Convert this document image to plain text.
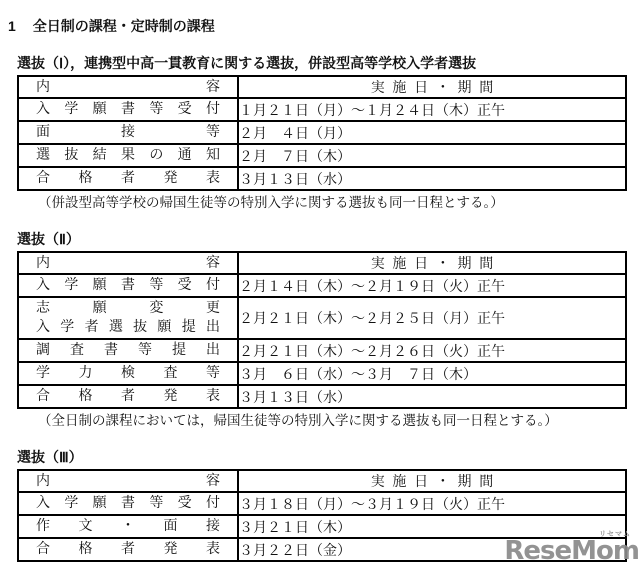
1 全日制の課程・定時制の課程
選抜（Ⅰ），連携型中高一貫教育に関する選抜，併設型高等学校入学者選抜
内容	実施日・期間

入学願書等受付	１月２１日（月）～１月２４日（木）正午

面接等	２月　４日（月）

選抜結果の通知	２月　７日（木）

合格者発表	３月１３日（水）
（併設型高等学校の帰国生徒等の特別入学に関する選抜も同一日程とする。）
選抜（Ⅱ）
内容	実施日・期間

入学願書等受付	２月１４日（木）～２月１９日（火）正午

志願変更
入学者選抜願提出	２月２１日（木）～２月２５日（月）正午

調査書等提出	２月２１日（木）～２月２６日（火）正午

学力検査等	３月　６日（水）～３月　７日（木）

合格者発表	３月１３日（水）
（全日制の課程においては，帰国生徒等の特別入学に関する選抜も同一日程とする。）
選抜（Ⅲ）
内容	実施日・期間

入学願書等受付	３月１８日（月）～３月１９日（火）正午

作文・面接	３月２１日（木）

合格者発表	３月２２日（金）
リセマム
ReseMom
